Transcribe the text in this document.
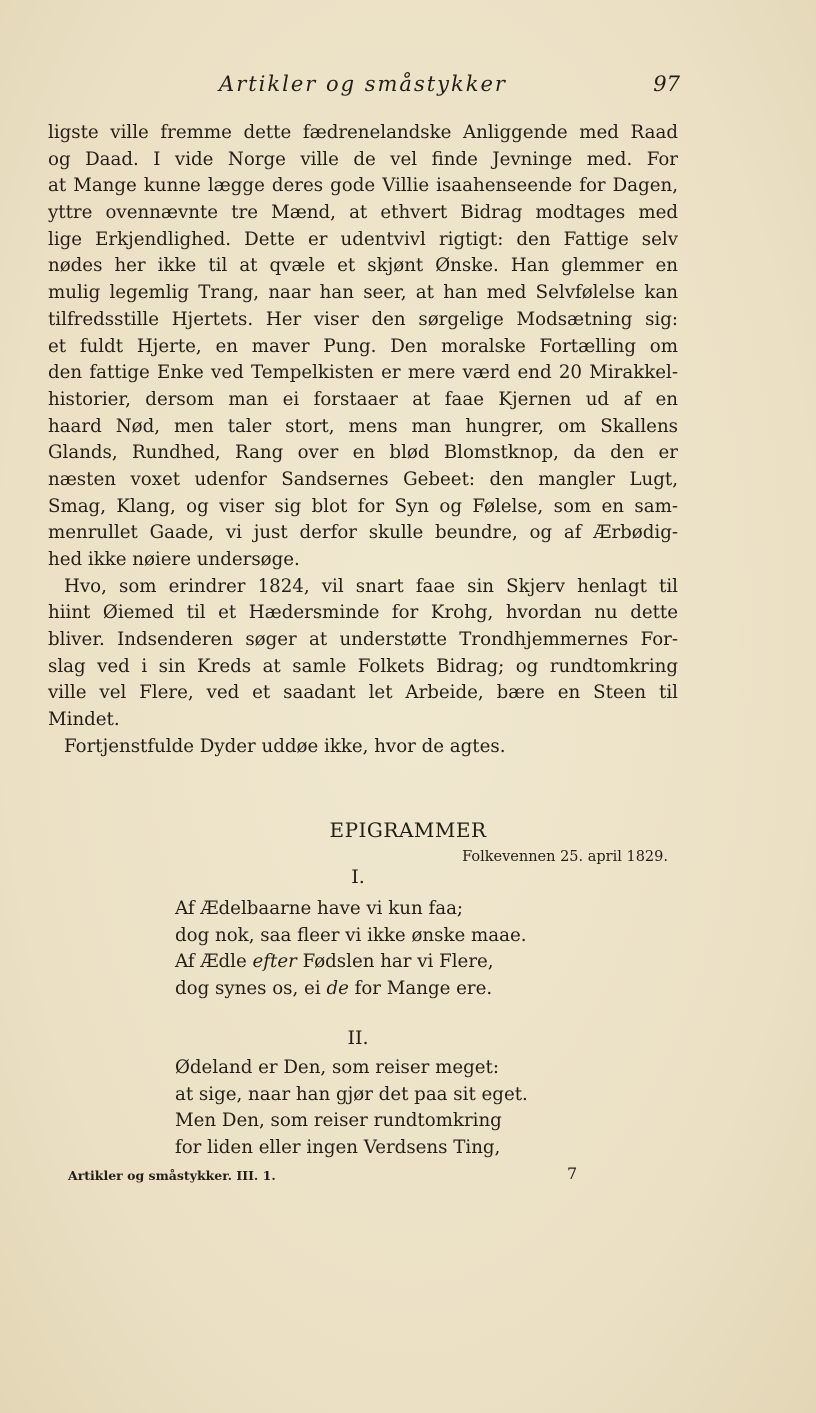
Artikler og småstykker	97
ligste ville fremme dette fædrenelandske Anliggende med Raad
og Daad. I vide Norge ville de vel finde Jevninge med. For
at Mange kunne lægge deres gode Villie isaahenseende for Dagen,
yttre ovennævnte tre Mænd, at ethvert Bidrag modtages med
lige Erkjendlighed. Dette er udentvivl rigtigt: den Fattige selv
nødes her ikke til at qvæle et skjønt Ønske. Han glemmer en
mulig legemlig Trang, naar han seer, at han med Selvfølelse kan
tilfredsstille Hjertets. Her viser den sørgelige Modsætning sig:
et fuldt Hjerte, en maver Pung. Den moralske Fortælling om
den fattige Enke ved Tempelkisten er mere værd end 20 Mirakkel-
historier, dersom man ei forstaaer at faae Kjernen ud af en
haard Nød, men taler stort, mens man hungrer, om Skallens
Glands, Rundhed, Rang over en blød Blomstknop, da den er
næsten voxet udenfor Sandsernes Gebeet: den mangler Lugt,
Smag, Klang, og viser sig blot for Syn og Følelse, som en sam-
menrullet Gaade, vi just derfor skulle beundre, og af Ærbødig-
hed ikke nøiere undersøge.
Hvo, som erindrer 1824, vil snart faae sin Skjerv henlagt til
hiint Øiemed til et Hædersminde for Krohg, hvordan nu dette
bliver. Indsenderen søger at understøtte Trondhjemmernes For-
slag ved i sin Kreds at samle Folkets Bidrag; og rundtomkring
ville vel Flere, ved et saadant let Arbeide, bære en Steen til
Mindet.
Fortjenstfulde Dyder uddøe ikke, hvor de agtes.
EPIGRAMMER
Folkevennen 25. april 1829.
I.
Af Ædelbaarne have vi kun faa;
dog nok, saa fleer vi ikke ønske maae.
Af Ædle efter Fødslen har vi Flere,
dog synes os, ei de for Mange ere.
II.
Ødeland er Den, som reiser meget:
at sige, naar han gjør det paa sit eget.
Men Den, som reiser rundtomkring
for liden eller ingen Verdsens Ting,
Artikler og småstykker. III. 1.	7
